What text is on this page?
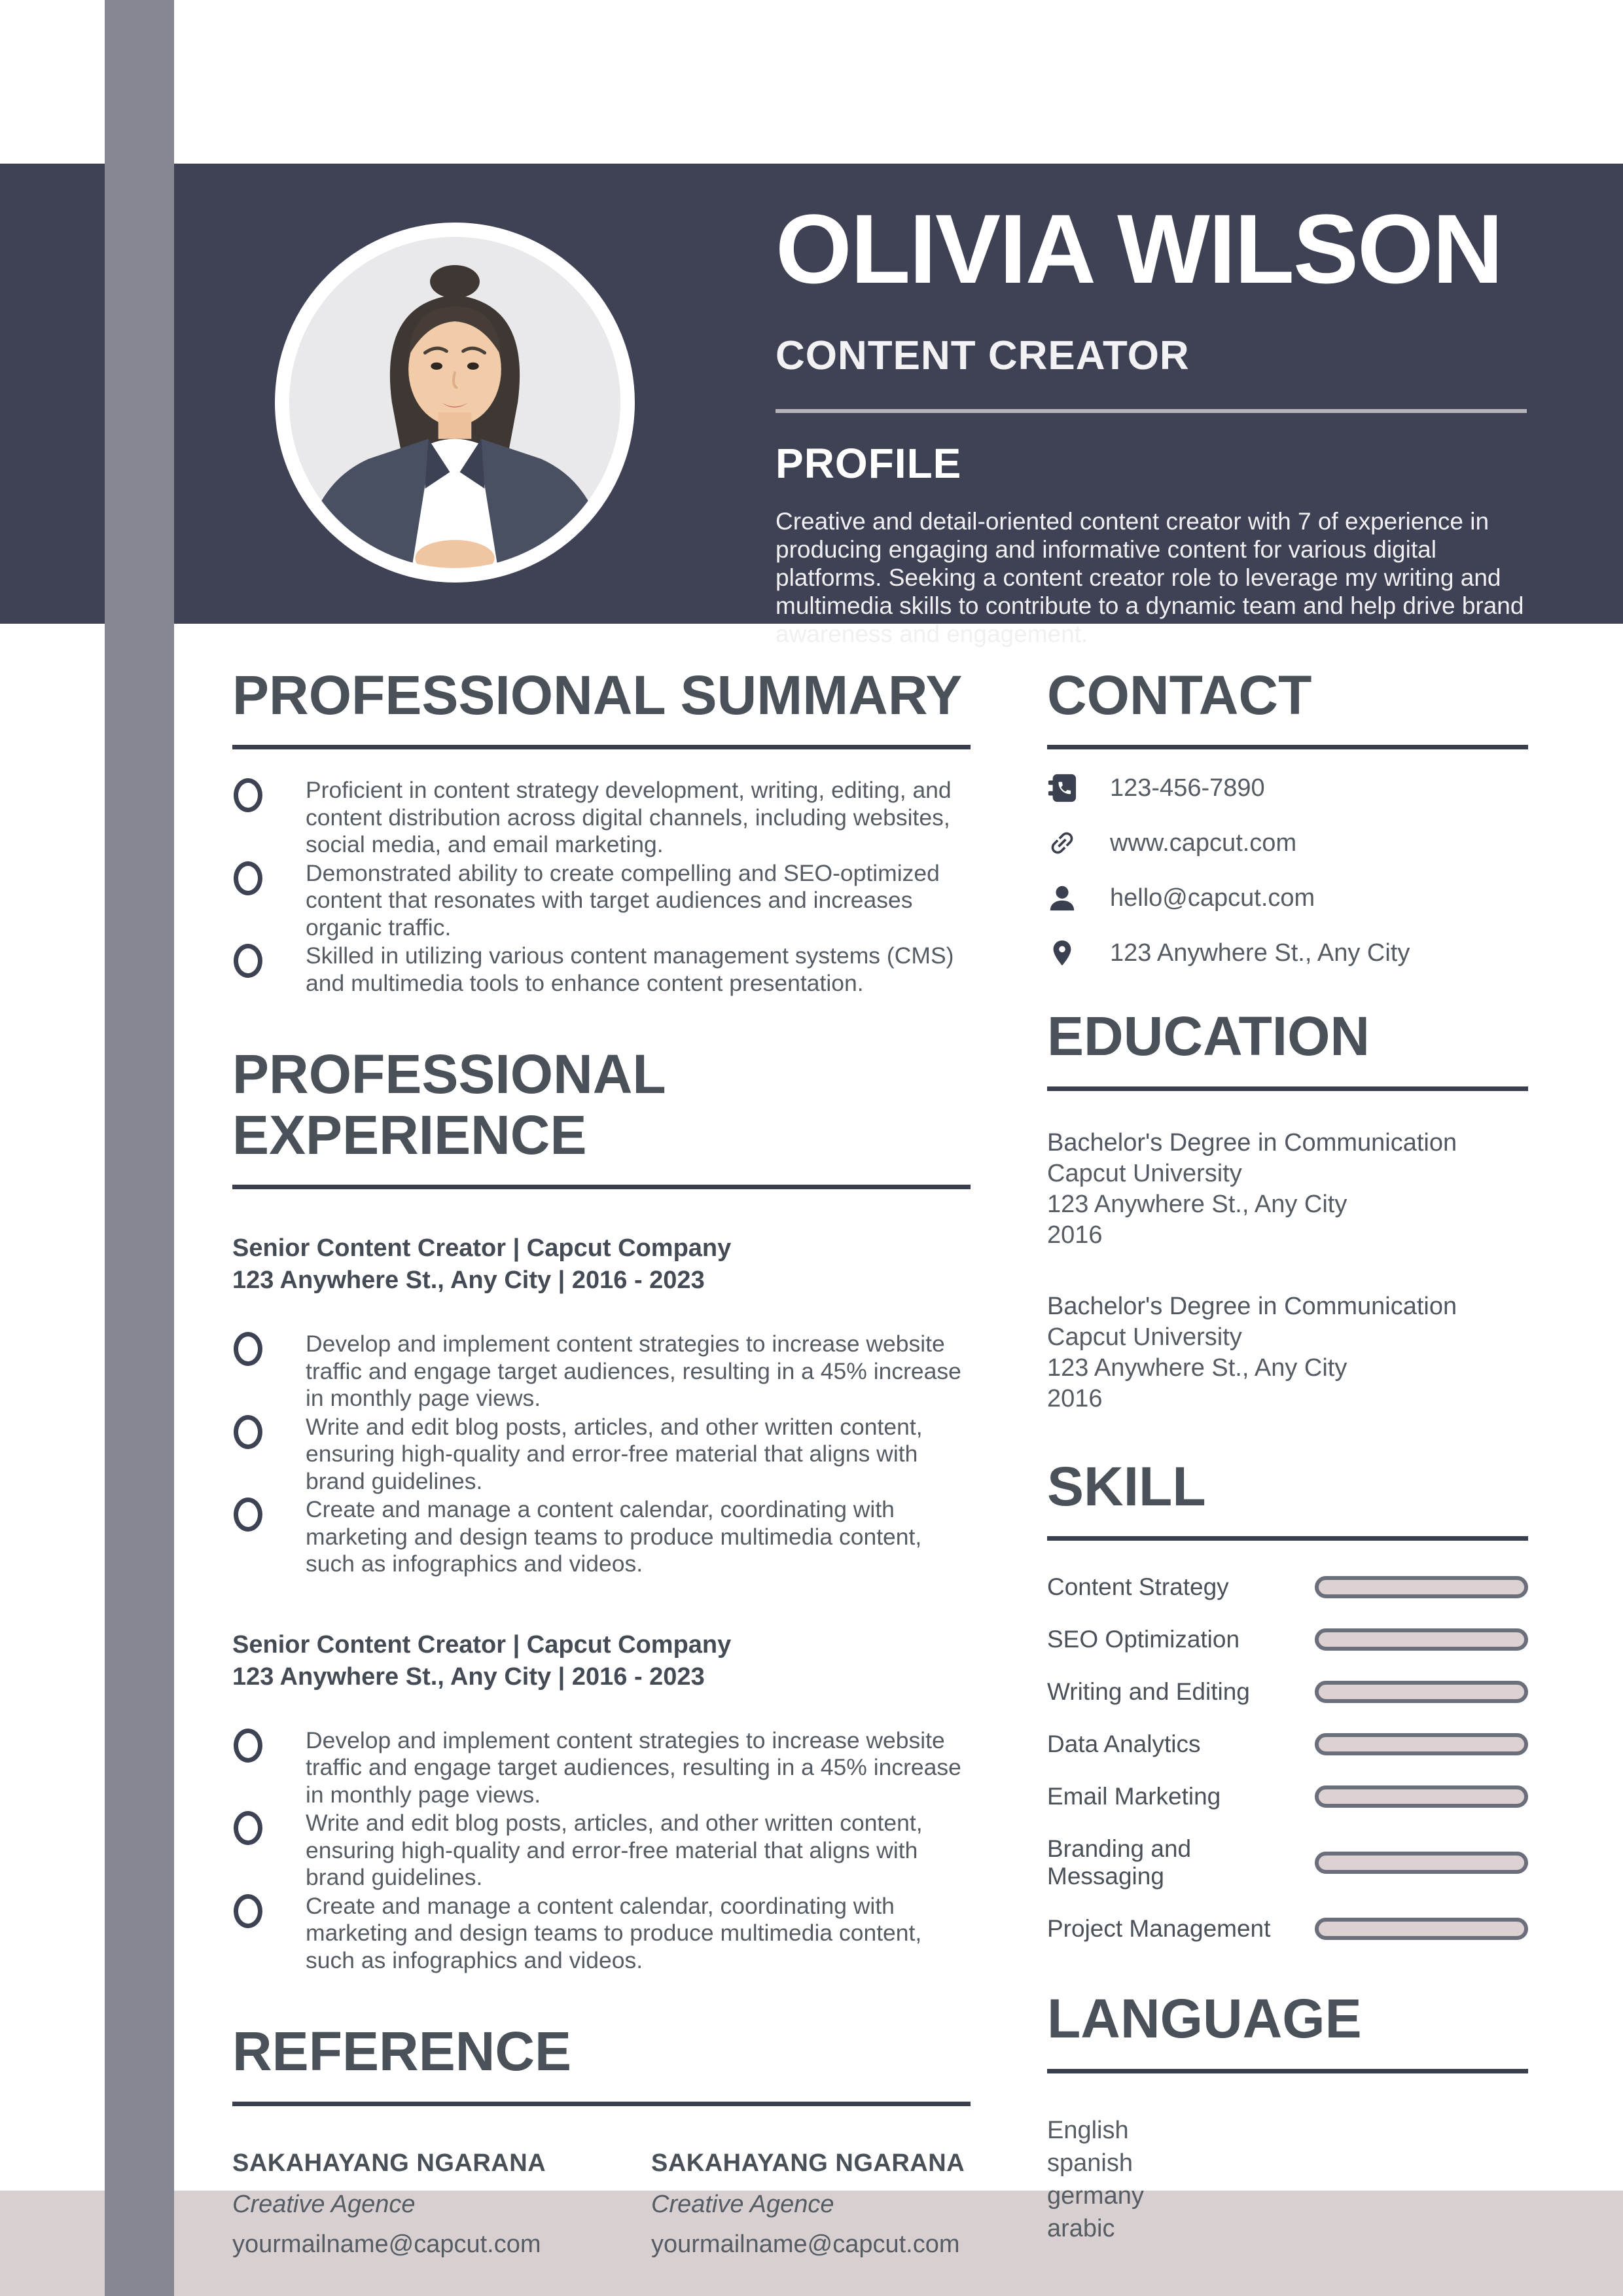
OLIVIA WILSON
CONTENT CREATOR
PROFILE

Creative and detail-oriented content creator with 7 of experience in producing engaging and informative content for various digital platforms. Seeking a content creator role to leverage my writing and multimedia skills to contribute to a dynamic team and help drive brand awareness and engagement.

PROFESSIONAL SUMMARY
Proficient in content strategy development, writing, editing, and content distribution across digital channels, including websites, social media, and email marketing.
Demonstrated ability to create compelling and SEO-optimized content that resonates with target audiences and increases organic traffic.
Skilled in utilizing various content management systems (CMS) and multimedia tools to enhance content presentation.
PROFESSIONAL EXPERIENCE
Senior Content Creator | Capcut Company
123 Anywhere St., Any City | 2016 - 2023
Develop and implement content strategies to increase website traffic and engage target audiences, resulting in a 45% increase in monthly page views.
Write and edit blog posts, articles, and other written content, ensuring high-quality and error-free material that aligns with brand guidelines.
Create and manage a content calendar, coordinating with marketing and design teams to produce multimedia content, such as infographics and videos.
Senior Content Creator | Capcut Company
123 Anywhere St., Any City | 2016 - 2023
Develop and implement content strategies to increase website traffic and engage target audiences, resulting in a 45% increase in monthly page views.
Write and edit blog posts, articles, and other written content, ensuring high-quality and error-free material that aligns with brand guidelines.
Create and manage a content calendar, coordinating with marketing and design teams to produce multimedia content, such as infographics and videos.
REFERENCE
SAKAHAYANG NGARANA
Creative Agence
yourmailname@capcut.com
SAKAHAYANG NGARANA
Creative Agence
yourmailname@capcut.com
CONTACT
123-456-7890
www.capcut.com
hello@capcut.com
123 Anywhere St., Any City
EDUCATION
Bachelor's Degree in Communication
Capcut University
123 Anywhere St., Any City
2016
Bachelor's Degree in Communication
Capcut University
123 Anywhere St., Any City
2016
SKILL
Content Strategy
SEO Optimization
Writing and Editing
Data Analytics
Email Marketing
Branding and Messaging
Project Management
LANGUAGE
English
spanish
germany
arabic
